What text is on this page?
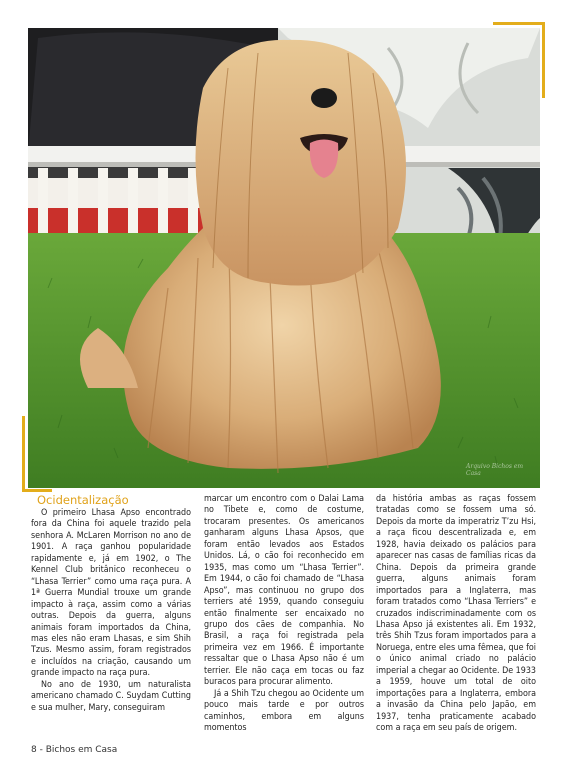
Arquivo Bichos em Casa
Ocidentalização

O primeiro Lhasa Apso encontrado fora da China foi aquele trazido pela senhora A. McLaren Morrison no ano de 1901. A raça ganhou popularidade rapidamente e, já em 1902, o The Kennel Club britânico reconheceu o “Lhasa Terrier” como uma raça pura. A 1ª Guerra Mundial trouxe um grande impacto à raça, assim como a várias outras. Depois da guerra, alguns animais foram importados da China, mas eles não eram Lhasas, e sim Shih Tzus. Mesmo assim, foram registrados e incluídos na criação, causando um grande impacto na raça pura.

No ano de 1930, um naturalista americano chamado C. Suydam Cutting e sua mulher, Mary, conseguiram

marcar um encontro com o Dalai Lama no Tibete e, como de costume, trocaram presentes. Os americanos ganharam alguns Lhasa Apsos, que foram então levados aos Estados Unidos. Lá, o cão foi reconhecido em 1935, mas como um “Lhasa Terrier”. Em 1944, o cão foi chamado de “Lhasa Apso”, mas continuou no grupo dos terriers até 1959, quando conseguiu então finalmente ser encaixado no grupo dos cães de companhia. No Brasil, a raça foi registrada pela primeira vez em 1966. É importante ressaltar que o Lhasa Apso não é um terrier. Ele não caça em tocas ou faz buracos para procurar alimento.

Já a Shih Tzu chegou ao Ocidente um pouco mais tarde e por outros caminhos, embora em alguns momentos

da história ambas as raças fossem tratadas como se fossem uma só. Depois da morte da imperatriz T’zu Hsi, a raça ficou descentralizada e, em 1928, havia deixado os palácios para aparecer nas casas de famílias ricas da China. Depois da primeira grande guerra, alguns animais foram importados para a Inglaterra, mas foram tratados como “Lhasa Terriers” e cruzados indiscriminadamente com os Lhasa Apso já existentes ali. Em 1932, três Shih Tzus foram importados para a Noruega, entre eles uma fêmea, que foi o único animal criado no palácio imperial a chegar ao Ocidente. De 1933 a 1959, houve um total de oito importações para a Inglaterra, embora a invasão da China pelo Japão, em 1937, tenha praticamente acabado com a raça em seu país de origem.

8 - Bichos em Casa
